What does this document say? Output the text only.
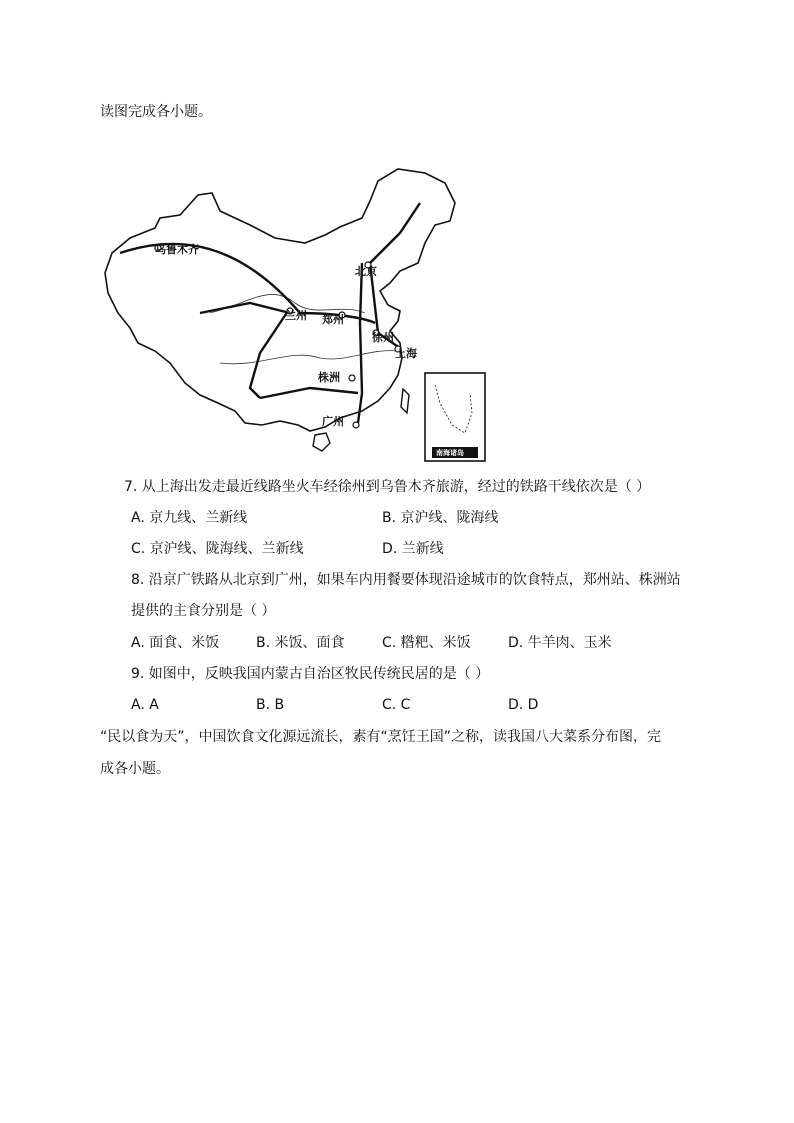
读图完成各小题。
乌鲁木齐
北京
兰州 郑州
徐州
上海
株洲
广州
南海诸岛
7. 从上海出发走最近线路坐火车经徐州到乌鲁木齐旅游，经过的铁路干线依次是（ ）
A. 京九线、兰新线	B. 京沪线、陇海线
C. 京沪线、陇海线、兰新线	D. 兰新线
8. 沿京广铁路从北京到广州，如果车内用餐要体现沿途城市的饮食特点，郑州站、株洲站
提供的主食分别是（ ）
A. 面食、米饭	B. 米饭、面食	C. 糌粑、米饭	D. 牛羊肉、玉米
9. 如图中，反映我国内蒙古自治区牧民传统民居的是（ ）
A. A	B. B	C. C	D. D
“民以食为天”，中国饮食文化源远流长，素有“烹饪王国”之称，读我国八大菜系分布图，完
成各小题。
